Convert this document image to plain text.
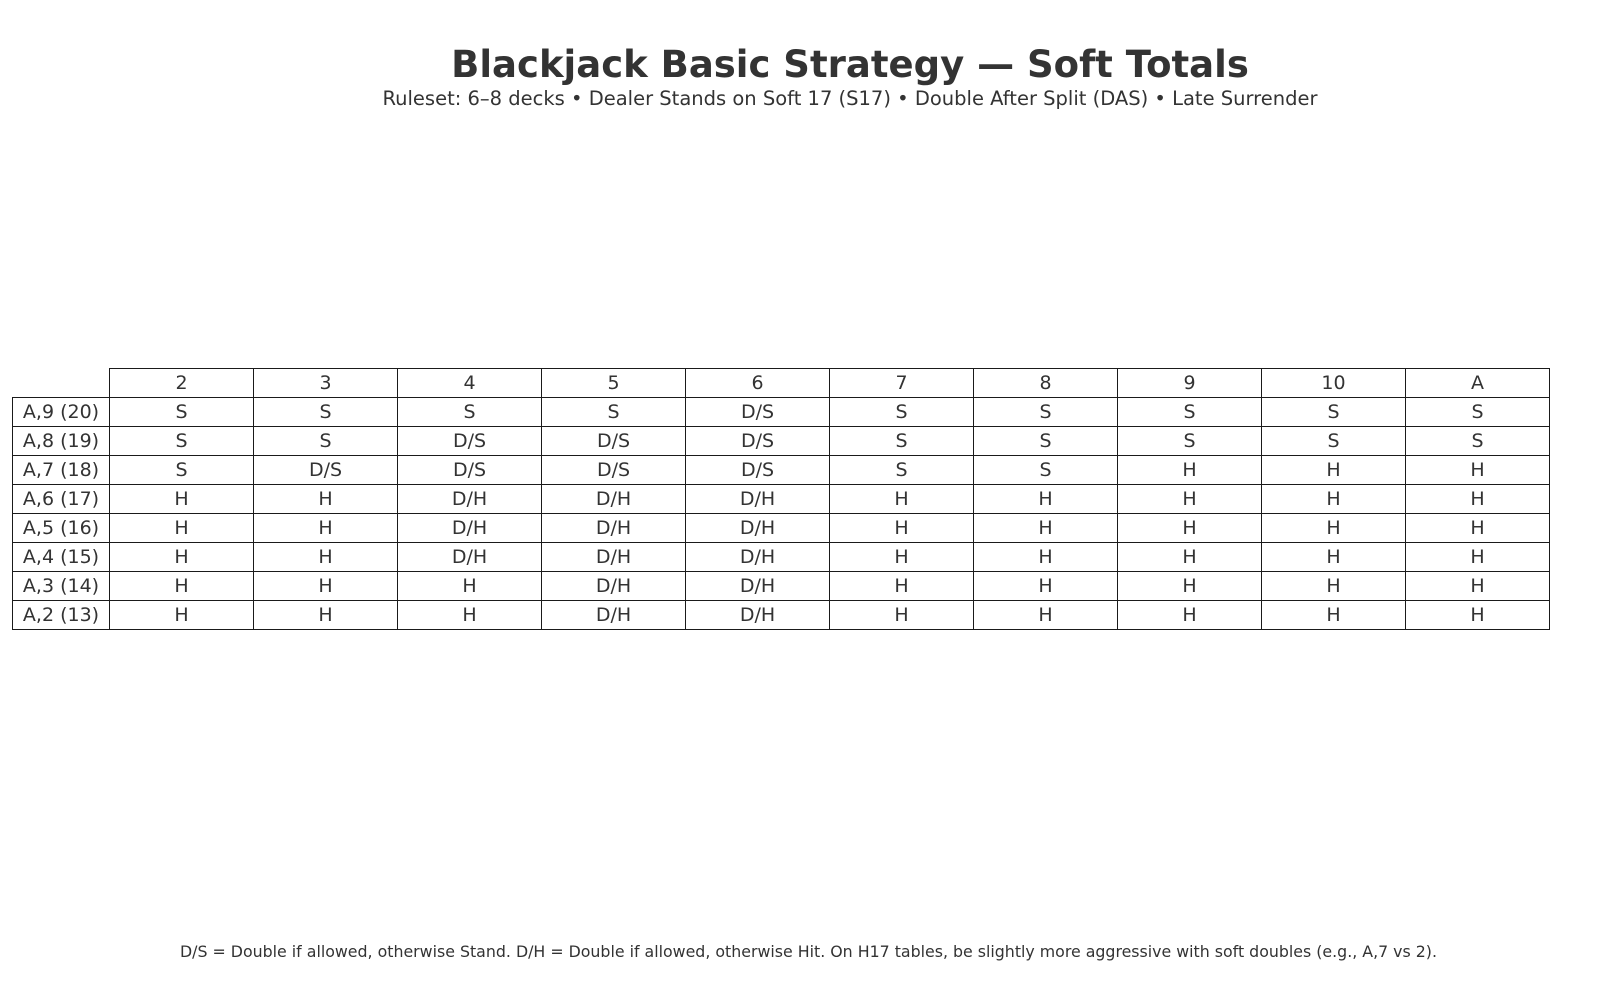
Blackjack Basic Strategy — Soft Totals
Ruleset: 6–8 decks • Dealer Stands on Soft 17 (S17) • Double After Split (DAS) • Late Surrender
	2	3	4	5	6	7	8	9	10	A
A,9 (20)	S	S	S	S	D/S	S	S	S	S	S
A,8 (19)	S	S	D/S	D/S	D/S	S	S	S	S	S
A,7 (18)	S	D/S	D/S	D/S	D/S	S	S	H	H	H
A,6 (17)	H	H	D/H	D/H	D/H	H	H	H	H	H
A,5 (16)	H	H	D/H	D/H	D/H	H	H	H	H	H
A,4 (15)	H	H	D/H	D/H	D/H	H	H	H	H	H
A,3 (14)	H	H	H	D/H	D/H	H	H	H	H	H
A,2 (13)	H	H	H	D/H	D/H	H	H	H	H	H
D/S = Double if allowed, otherwise Stand. D/H = Double if allowed, otherwise Hit. On H17 tables, be slightly more aggressive with soft doubles (e.g., A,7 vs 2).
